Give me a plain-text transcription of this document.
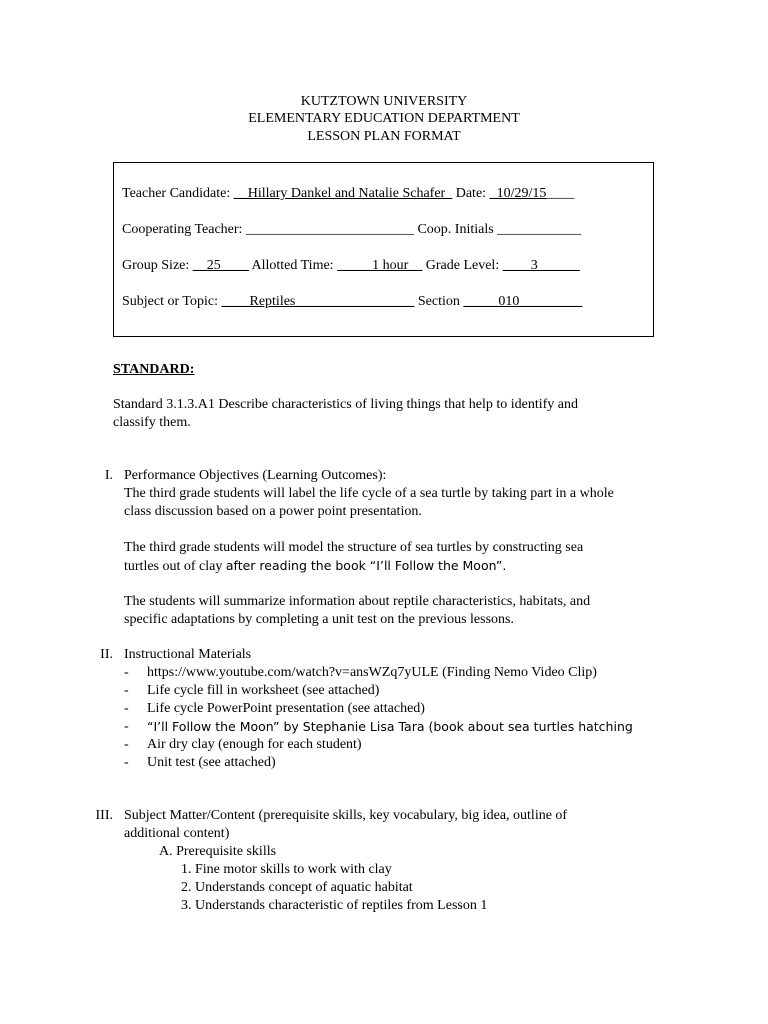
KUTZTOWN UNIVERSITY
ELEMENTARY EDUCATION DEPARTMENT
LESSON PLAN FORMAT
Teacher Candidate: __Hillary Dankel and Natalie Schafer_ Date: _10/29/15____
Cooperating Teacher: ________________________ Coop. Initials ____________
Group Size: __25____ Allotted Time: _____1 hour__ Grade Level: ____3______
Subject or Topic: ____Reptiles_________________ Section _____010_________
STANDARD:
Standard 3.1.3.A1 Describe characteristics of living things that help to identify and
classify them.
I. Performance Objectives (Learning Outcomes):
The third grade students will label the life cycle of a sea turtle by taking part in a whole
class discussion based on a power point presentation.
The third grade students will model the structure of sea turtles by constructing sea
turtles out of clay after reading the book “I’ll Follow the Moon”.
The students will summarize information about reptile characteristics, habitats, and
specific adaptations by completing a unit test on the previous lessons.
II. Instructional Materials
- https://www.youtube.com/watch?v=ansWZq7yULE (Finding Nemo Video Clip)
- Life cycle fill in worksheet (see attached)
- Life cycle PowerPoint presentation (see attached)
- “I’ll Follow the Moon” by Stephanie Lisa Tara (book about sea turtles hatching
- Air dry clay (enough for each student)
- Unit test (see attached)
III. Subject Matter/Content (prerequisite skills, key vocabulary, big idea, outline of
additional content)
A. Prerequisite skills
1. Fine motor skills to work with clay
2. Understands concept of aquatic habitat
3. Understands characteristic of reptiles from Lesson 1
